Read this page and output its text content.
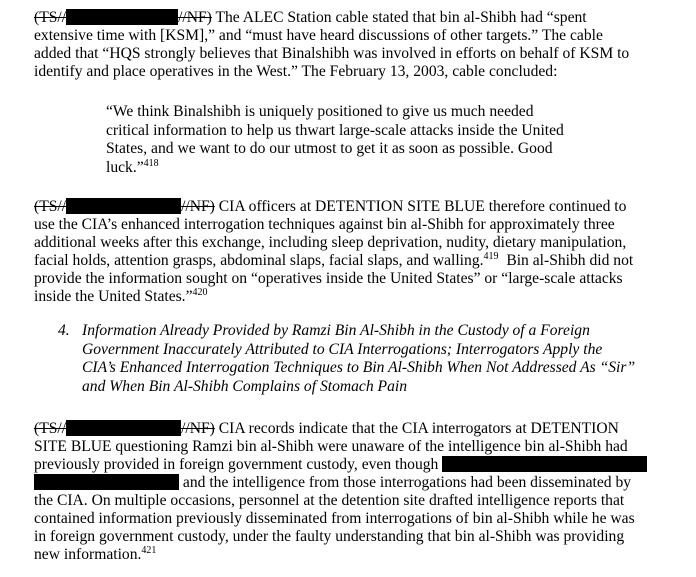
(TS//	//NF) The ALEC Station cable stated that bin al-Shibh had “spent
extensive time with [KSM],” and “must have heard discussions of other targets.” The cable
added that “HQS strongly believes that Binalshibh was involved in efforts on behalf of KSM to
identify and place operatives in the West.” The February 13, 2003, cable concluded:
“We think Binalshibh is uniquely positioned to give us much needed
critical information to help us thwart large-scale attacks inside the United
States, and we want to do our utmost to get it as soon as possible. Good
luck.”$^{418}$
(TS//	//NF) CIA officers at DETENTION SITE BLUE therefore continued to
use the CIA’s enhanced interrogation techniques against bin al-Shibh for approximately three
additional weeks after this exchange, including sleep deprivation, nudity, dietary manipulation,
facial holds, attention grasps, abdominal slaps, facial slaps, and walling.$^{419}$  Bin al-Shibh did not
provide the information sought on “operatives inside the United States” or “large-scale attacks
inside the United States.”$^{420}$
4. Information Already Provided by Ramzi Bin Al-Shibh in the Custody of a Foreign
Government Inaccurately Attributed to CIA Interrogations; Interrogators Apply the
CIA’s Enhanced Interrogation Techniques to Bin Al-Shibh When Not Addressed As “Sir”
and When Bin Al-Shibh Complains of Stomach Pain
(TS//	//NF) CIA records indicate that the CIA interrogators at DETENTION
SITE BLUE questioning Ramzi bin al-Shibh were unaware of the intelligence bin al-Shibh had
previously provided in foreign government custody, even though
and the intelligence from those interrogations had been disseminated by
the CIA. On multiple occasions, personnel at the detention site drafted intelligence reports that
contained information previously disseminated from interrogations of bin al-Shibh while he was
in foreign government custody, under the faulty understanding that bin al-Shibh was providing
new information.$^{421}$
